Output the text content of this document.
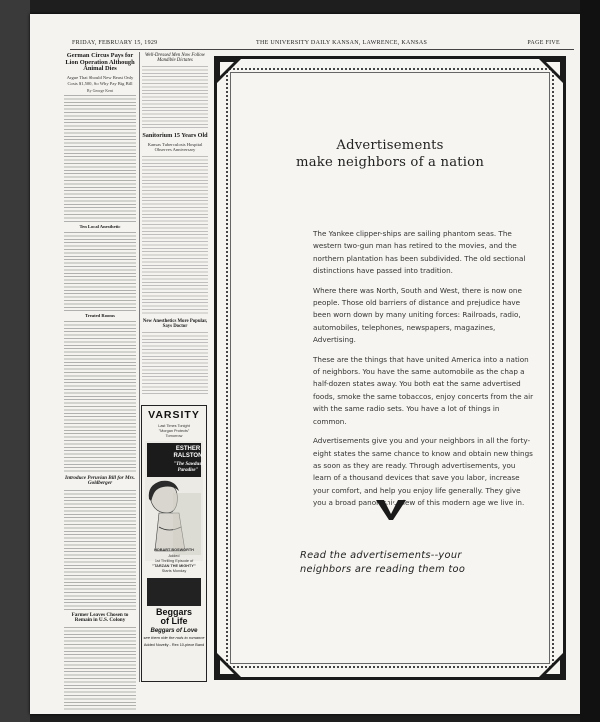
FRIDAY, FEBRUARY 15, 1929	THE UNIVERSITY DAILY KANSAN, LAWRENCE, KANSAS	PAGE FIVE
German Circus Pays for Lion Operation Although Animal Dies
Argue That Should New Beast Only Costs $1,500, So Why Pay Big Bill
By George Kent
Ten Local Anesthetic
Treated Rooms
Introduce Peruvian Bill for Mrs. Goldberger
Farmer Leaves Chosen to Remain in U.S. Colony
Well-Dressed Men Now Follow Mandible Dictates
Sanitorium 15 Years Old
Kansas Tuberculosis Hospital Observes Anniversary
New Anesthetics More Popular, Says Doctor
VARSITY
Last Times Tonight
"Morgan Protects"
Tomorrow
ESTHER RALSTON
"The Sawdust Paradise"
HOBART BOSWORTH
Added
1st Thrilling Episode of
"TARZAN THE MIGHTY"
Starts Monday
Beggars
of Life
Beggars of Love
see them ride the rods to romance
Added Novelty - Rex 10-piece Band
Advertisements
make neighbors of a nation

The Yankee clipper-ships are sailing phantom seas. The western two-gun man has retired to the movies, and the northern plantation has been subdivided. The old sectional distinctions have passed into tradition.

Where there was North, South and West, there is now one people. Those old barriers of distance and prejudice have been worn down by many uniting forces: Railroads, radio, automobiles, telephones, newspapers, magazines, Advertising.

These are the things that have united America into a nation of neighbors. You have the same automobile as the chap a half-dozen states away. You both eat the same advertised foods, smoke the same tobaccos, enjoy concerts from the air with the same radio sets. You have a lot of things in common.

Advertisements give you and your neighbors in all the forty-eight states the same chance to know and obtain new things as soon as they are ready. Through advertisements, you learn of a thousand devices that save you labor, increase your comfort, and help you enjoy life generally. They give you a broad panoramic view of this modern age we live in.

Read the advertisements--your
neighbors are reading them too
